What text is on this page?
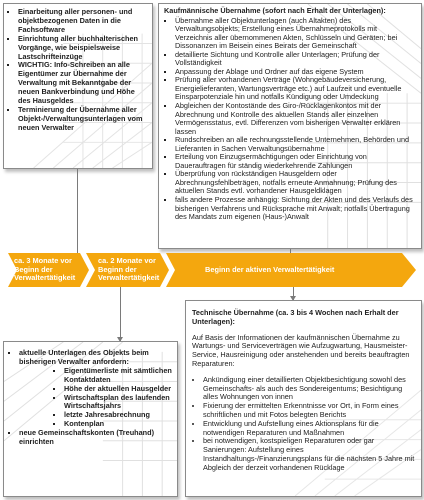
▪ Einarbeitung aller personen- und objektbezogenen Daten in die Fachsoftware
▪ Einrichtung aller buchhalterischen Vorgänge, wie beispielsweise Lastschrifteinzüge
▪ WICHTIG: Info-Schreiben an alle Eigentümer zur Übernahme der Verwaltung mit Bekanntgabe der neuen Bankverbindung und Höhe des Hausgeldes
▪ Terminierung der Übernahme aller Objekt-/Verwaltungsunterlagen vom neuen Verwalter
Kaufmännische Übernahme (sofort nach Erhalt der Unterlagen):
▪ Übernahme aller Objektunterlagen (auch Altakten) des Verwaltungsobjekts; Erstellung eines Übernahmeprotokolls mit Verzeichnis aller übernommenen Akten, Schlüsseln und Geräten; bei Dissonanzen im Beisein eines Beirats der Gemeinschaft
▪ detaillierte Sichtung und Kontrolle aller Unterlagen; Prüfung der Vollständigkeit
▪ Anpassung der Ablage und Ordner auf das eigene System
▪ Prüfung aller vorhandenen Verträge (Wohngebäudeversicherung, Energielieferanten, Wartungsverträge etc.) auf Laufzeit und eventuelle Einsparpotenziale hin und notfalls Kündigung oder Umdeckung
▪ Abgleichen der Kontostände des Giro-/Rücklagenkontos mit der Abrechnung und Kontrolle des aktuellen Stands aller einzelnen Vermögensstatus, evtl. Differenzen vom bisherigen Verwalter erklären lassen
▪ Rundschreiben an alle rechnungsstellende Unternehmen, Behörden und Lieferanten in Sachen Verwaltungsübernahme
▪ Erteilung von Einzugsermächtigungen oder Einrichtung von Dauerauftragen für ständig wiederkehrende Zahlungen
▪ Überprüfung von rückständigen Hausgeldern oder Abrechnungsfehlbeträgen, notfalls erneute Anmahnung; Prüfung des aktuellen Stands evtl. vorhandener Hausgeldklagen
▪ falls andere Prozesse anhängig: Sichtung der Akten und des Verlaufs des bisherigen Verfahrens und Rücksprache mit Anwalt; notfalls Übertragung des Mandats zum eigenen (Haus-)Anwalt
ca. 3 Monate vor Beginn der Verwaltertätigkeit
ca. 2 Monate vor Beginn der Verwaltertätigkeit
Beginn der aktiven Verwaltertätigkeit
▪ aktuelle Unterlagen des Objekts beim bisherigen Verwalter anfordern:
▪ Eigentümerliste mit sämtlichen Kontaktdaten
▪ Höhe der aktuellen Hausgelder
▪ Wirtschaftsplan des laufenden Wirtschaftsjahrs
▪ letzte Jahresabrechnung
▪ Kontenplan
▪ neue Gemeinschaftskonten (Treuhand) einrichten
Technische Übernahme (ca. 3 bis 4 Wochen nach Erhalt der Unterlagen):
Auf Basis der Informationen der kaufmännischen Übernahme zu Wartungs- und Serviceverträgen wie Aufzugwartung, Hausmeister-Service, Hausreinigung oder anstehenden und bereits beauftragten Reparaturen:
• Ankündigung einer detaillierten Objektbesichtigung sowohl des Gemeinschafts- als auch des Sondereigentums; Besichtigung alles Wohnungen von innen
• Fixierung der ermittelten Erkenntnisse vor Ort, in Form eines schriftlichen und mit Fotos belegten Berichts
• Entwicklung und Aufstellung eines Aktionsplans für die notwendigen Reparaturen und Maßnahmen
• bei notwendigen, kostspieligen Reparaturen oder gar Sanierungen: Aufstellung eines Instandhaltungs-/Finanzierungsplans für die nächsten 5 Jahre mit Abgleich der derzeit vorhandenen Rücklage
